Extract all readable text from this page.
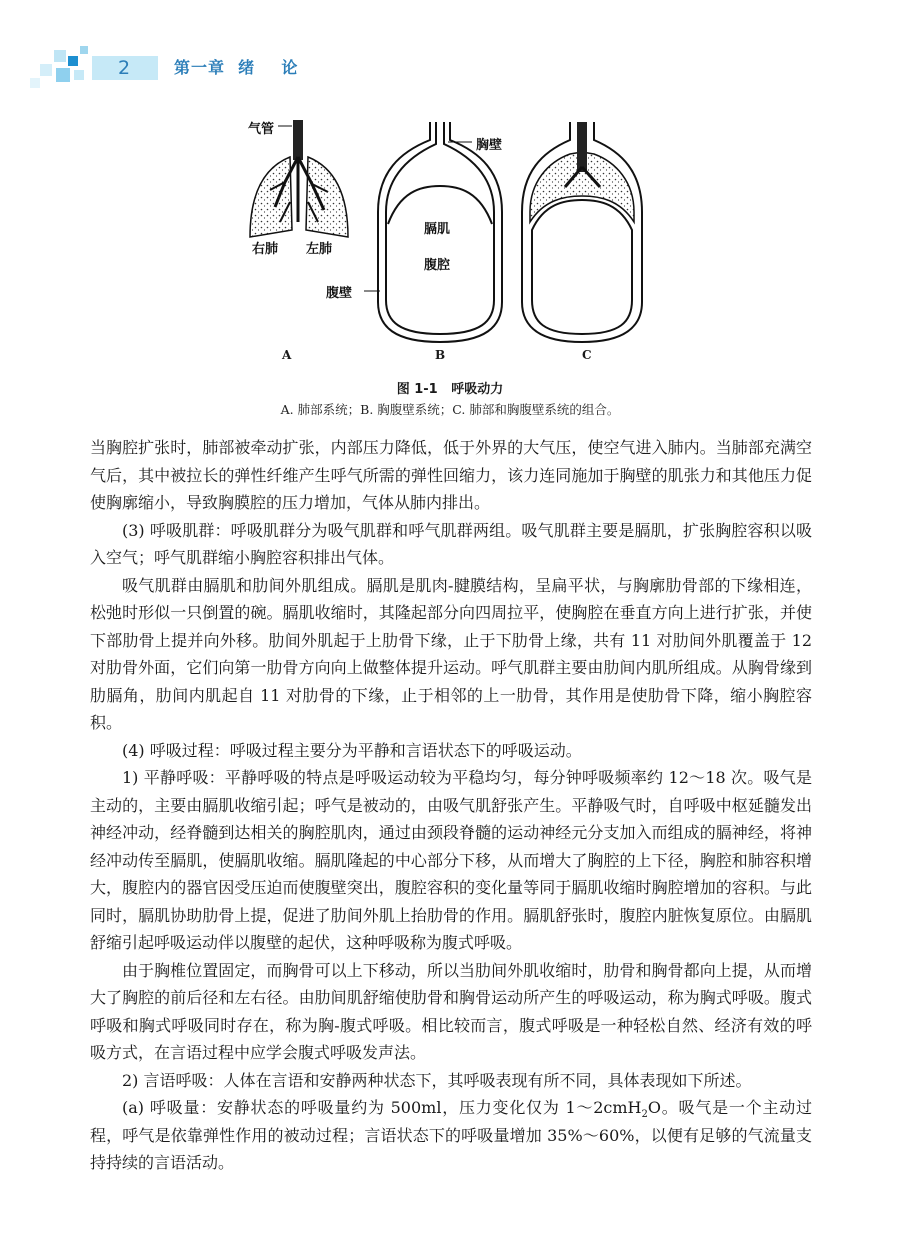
2	第一章  绪    论
气管
右肺 左肺
胸壁
膈肌
腹腔
腹壁
A	B	C
图 1-1   呼吸动力
A. 肺部系统；B. 胸腹壁系统；C. 肺部和胸腹壁系统的组合。

当胸腔扩张时，肺部被牵动扩张，内部压力降低，低于外界的大气压，使空气进入肺内。当肺部充满空气后，其中被拉长的弹性纤维产生呼气所需的弹性回缩力，该力连同施加于胸壁的肌张力和其他压力促使胸廓缩小，导致胸膜腔的压力增加，气体从肺内排出。

(3) 呼吸肌群：呼吸肌群分为吸气肌群和呼气肌群两组。吸气肌群主要是膈肌，扩张胸腔容积以吸入空气；呼气肌群缩小胸腔容积排出气体。

吸气肌群由膈肌和肋间外肌组成。膈肌是肌肉-腱膜结构，呈扁平状，与胸廓肋骨部的下缘相连，松弛时形似一只倒置的碗。膈肌收缩时，其隆起部分向四周拉平，使胸腔在垂直方向上进行扩张，并使下部肋骨上提并向外移。肋间外肌起于上肋骨下缘，止于下肋骨上缘，共有 11 对肋间外肌覆盖于 12 对肋骨外面，它们向第一肋骨方向向上做整体提升运动。呼气肌群主要由肋间内肌所组成。从胸骨缘到肋膈角，肋间内肌起自 11 对肋骨的下缘，止于相邻的上一肋骨，其作用是使肋骨下降，缩小胸腔容积。

(4) 呼吸过程：呼吸过程主要分为平静和言语状态下的呼吸运动。

1) 平静呼吸：平静呼吸的特点是呼吸运动较为平稳均匀，每分钟呼吸频率约 12～18 次。吸气是主动的，主要由膈肌收缩引起；呼气是被动的，由吸气肌舒张产生。平静吸气时，自呼吸中枢延髓发出神经冲动，经脊髓到达相关的胸腔肌肉，通过由颈段脊髓的运动神经元分支加入而组成的膈神经，将神经冲动传至膈肌，使膈肌收缩。膈肌隆起的中心部分下移，从而增大了胸腔的上下径，胸腔和肺容积增大，腹腔内的器官因受压迫而使腹壁突出，腹腔容积的变化量等同于膈肌收缩时胸腔增加的容积。与此同时，膈肌协助肋骨上提，促进了肋间外肌上抬肋骨的作用。膈肌舒张时，腹腔内脏恢复原位。由膈肌舒缩引起呼吸运动伴以腹壁的起伏，这种呼吸称为腹式呼吸。

由于胸椎位置固定，而胸骨可以上下移动，所以当肋间外肌收缩时，肋骨和胸骨都向上提，从而增大了胸腔的前后径和左右径。由肋间肌舒缩使肋骨和胸骨运动所产生的呼吸运动，称为胸式呼吸。腹式呼吸和胸式呼吸同时存在，称为胸-腹式呼吸。相比较而言，腹式呼吸是一种轻松自然、经济有效的呼吸方式，在言语过程中应学会腹式呼吸发声法。

2) 言语呼吸：人体在言语和安静两种状态下，其呼吸表现有所不同，具体表现如下所述。

(a) 呼吸量：安静状态的呼吸量约为 500ml，压力变化仅为 1～2cmH$_2$O。吸气是一个主动过程，呼气是依靠弹性作用的被动过程；言语状态下的呼吸量增加 35%～60%，以便有足够的气流量支持持续的言语活动。
